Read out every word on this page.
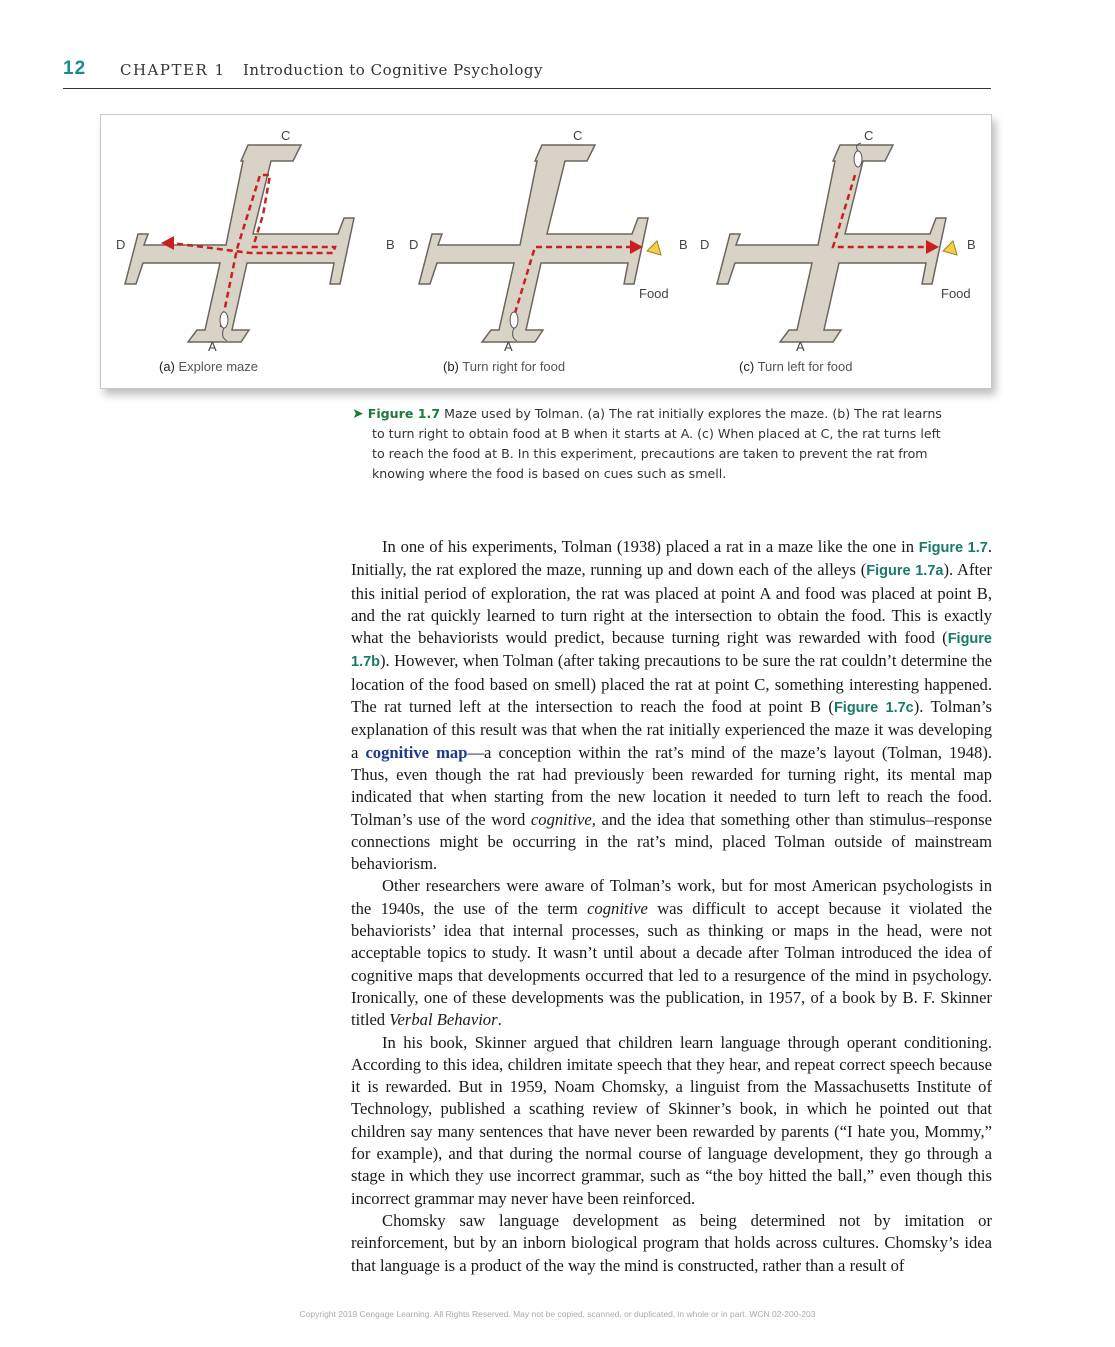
12 CHAPTER 1 Introduction to Cognitive Psychology
C
D	B
A
(a) Explore maze
C
D	B
Food
A
(b) Turn right for food
C
D	B
Food
A
(c) Turn left for food
➤ Figure 1.7 Maze used by Tolman. (a) The rat initially explores the maze. (b) The rat learns
to turn right to obtain food at B when it starts at A. (c) When placed at C, the rat turns left
to reach the food at B. In this experiment, precautions are taken to prevent the rat from
knowing where the food is based on cues such as smell.

In one of his experiments, Tolman (1938) placed a rat in a maze like the one in Figure 1.7. Initially, the rat explored the maze, running up and down each of the alleys (Figure 1.7a). After this initial period of exploration, the rat was placed at point A and food was placed at point B, and the rat quickly learned to turn right at the intersection to obtain the food. This is exactly what the behaviorists would predict, because turning right was rewarded with food (Figure 1.7b). However, when Tolman (after taking precautions to be sure the rat couldn’t determine the location of the food based on smell) placed the rat at point C, something interesting happened. The rat turned left at the intersection to reach the food at point B (Figure 1.7c). Tolman’s explanation of this result was that when the rat initially experienced the maze it was developing a cognitive map—a conception within the rat’s mind of the maze’s layout (Tolman, 1948). Thus, even though the rat had previously been rewarded for turning right, its mental map indicated that when starting from the new location it needed to turn left to reach the food. Tolman’s use of the word cognitive, and the idea that something other than stimulus–response connections might be occurring in the rat’s mind, placed Tolman outside of mainstream behaviorism.

Other researchers were aware of Tolman’s work, but for most American psychologists in the 1940s, the use of the term cognitive was difficult to accept because it violated the behaviorists’ idea that internal processes, such as thinking or maps in the head, were not acceptable topics to study. It wasn’t until about a decade after Tolman introduced the idea of cognitive maps that developments occurred that led to a resurgence of the mind in psychology. Ironically, one of these developments was the publication, in 1957, of a book by B. F. Skinner titled Verbal Behavior.

In his book, Skinner argued that children learn language through operant conditioning. According to this idea, children imitate speech that they hear, and repeat correct speech because it is rewarded. But in 1959, Noam Chomsky, a linguist from the Massachusetts Institute of Technology, published a scathing review of Skinner’s book, in which he pointed out that children say many sentences that have never been rewarded by parents (“I hate you, Mommy,” for example), and that during the normal course of language development, they go through a stage in which they use incorrect grammar, such as “the boy hitted the ball,” even though this incorrect grammar may never have been reinforced.

Chomsky saw language development as being determined not by imitation or reinforcement, but by an inborn biological program that holds across cultures. Chomsky’s idea that language is a product of the way the mind is constructed, rather than a result of

Copyright 2019 Cengage Learning. All Rights Reserved. May not be copied, scanned, or duplicated, in whole or in part. WCN 02-200-203
